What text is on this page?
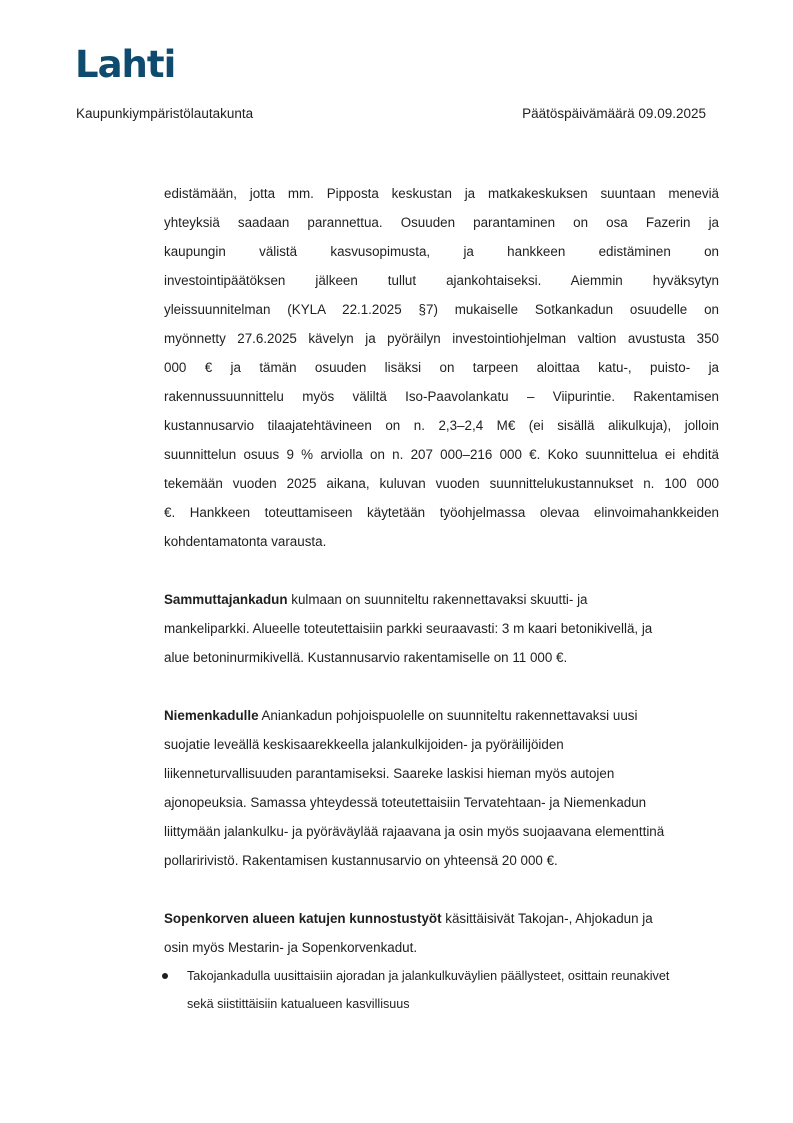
Lahti
Kaupunkiympäristölautakunta	Päätöspäivämäärä 09.09.2025
edistämään, jotta mm. Pipposta keskustan ja matkakeskuksen suuntaan meneviä
yhteyksiä saadaan parannettua. Osuuden parantaminen on osa Fazerin ja
kaupungin välistä kasvusopimusta, ja hankkeen edistäminen on
investointipäätöksen jälkeen tullut ajankohtaiseksi. Aiemmin hyväksytyn
yleissuunnitelman (KYLA 22.1.2025 §7) mukaiselle Sotkankadun osuudelle on
myönnetty 27.6.2025 kävelyn ja pyöräilyn investointiohjelman valtion avustusta 350
000 € ja tämän osuuden lisäksi on tarpeen aloittaa katu-, puisto- ja
rakennussuunnittelu myös väliltä Iso-Paavolankatu – Viipurintie. Rakentamisen
kustannusarvio tilaajatehtävineen on n. 2,3–2,4 M€ (ei sisällä alikulkuja), jolloin
suunnittelun osuus 9 % arviolla on n. 207 000–216 000 €. Koko suunnittelua ei ehditä
tekemään vuoden 2025 aikana, kuluvan vuoden suunnittelukustannukset n. 100 000
€. Hankkeen toteuttamiseen käytetään työohjelmassa olevaa elinvoimahankkeiden
kohdentamatonta varausta.
Sammuttajankadun kulmaan on suunniteltu rakennettavaksi skuutti- ja
mankeliparkki. Alueelle toteutettaisiin parkki seuraavasti: 3 m kaari betonikivellä, ja
alue betoninurmikivellä. Kustannusarvio rakentamiselle on 11 000 €.
Niemenkadulle Aniankadun pohjoispuolelle on suunniteltu rakennettavaksi uusi
suojatie leveällä keskisaarekkeella jalankulkijoiden- ja pyöräilijöiden
liikenneturvallisuuden parantamiseksi. Saareke laskisi hieman myös autojen
ajonopeuksia. Samassa yhteydessä toteutettaisiin Tervatehtaan- ja Niemenkadun
liittymään jalankulku- ja pyöräväylää rajaavana ja osin myös suojaavana elementtinä
pollaririvistö. Rakentamisen kustannusarvio on yhteensä 20 000 €.
Sopenkorven alueen katujen kunnostustyöt käsittäisivät Takojan-, Ahjokadun ja
osin myös Mestarin- ja Sopenkorvenkadut.
Takojankadulla uusittaisiin ajoradan ja jalankulkuväylien päällysteet, osittain reunakivet
sekä siistittäisiin katualueen kasvillisuus
